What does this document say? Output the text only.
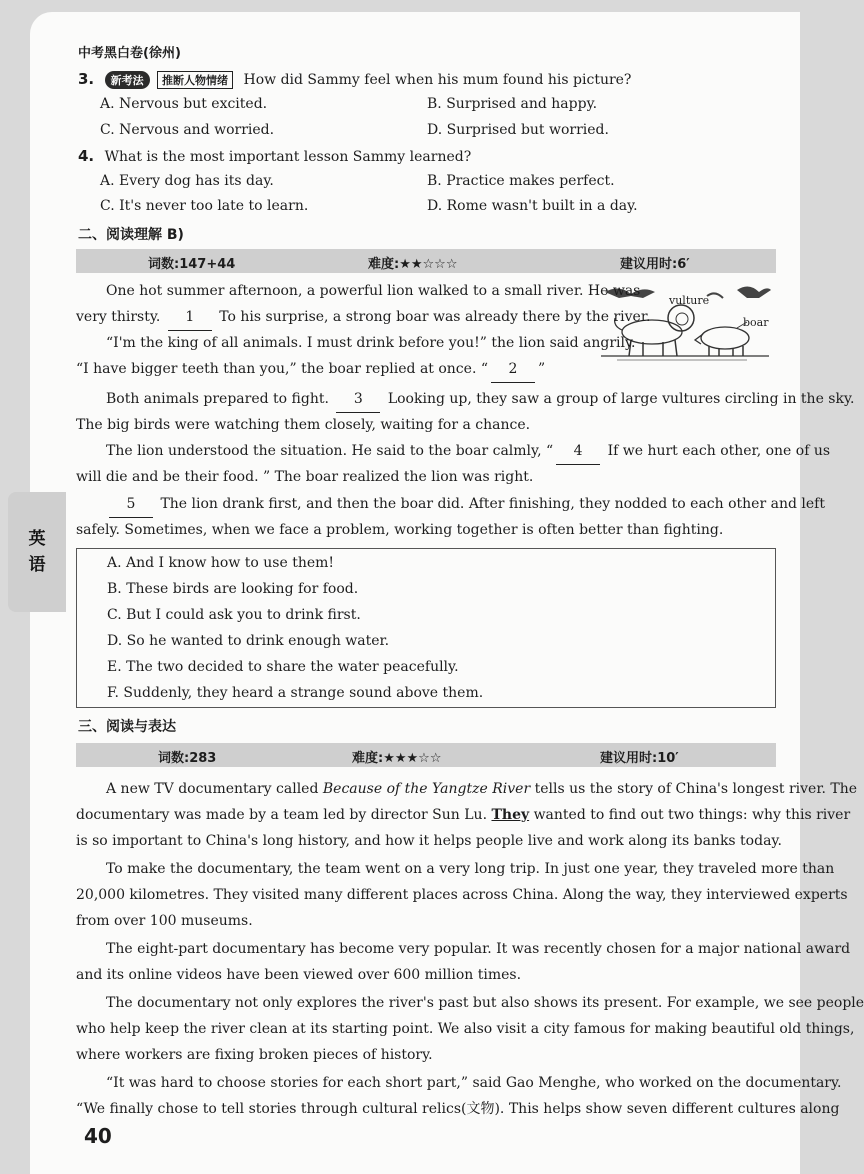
英
语
中考黑白卷(徐州)
3. 新考法 推断人物情绪 How did Sammy feel when his mum found his picture?
A. Nervous but excited.	B. Surprised and happy.
C. Nervous and worried.	D. Surprised but worried.
4. What is the most important lesson Sammy learned?
A. Every dog has its day.	B. Practice makes perfect.
C. It's never too late to learn.	D. Rome wasn't built in a day.
二、阅读理解 B)
词数:147+44	难度:★★☆☆☆	建议用时:6′
vulture
boar
One hot summer afternoon, a powerful lion walked to a small river. He was
very thirsty. 1 To his surprise, a strong boar was already there by the river.
“I'm the king of all animals. I must drink before you!” the lion said angrily.
“I have bigger teeth than you,” the boar replied at once. “ 2 ”
Both animals prepared to fight. 3 Looking up, they saw a group of large vultures circling in the sky.
The big birds were watching them closely, waiting for a chance.
The lion understood the situation. He said to the boar calmly, “ 4 If we hurt each other, one of us
will die and be their food. ” The boar realized the lion was right.
5 The lion drank first, and then the boar did. After finishing, they nodded to each other and left
safely. Sometimes, when we face a problem, working together is often better than fighting.
A. And I know how to use them!
B. These birds are looking for food.
C. But I could ask you to drink first.
D. So he wanted to drink enough water.
E. The two decided to share the water peacefully.
F. Suddenly, they heard a strange sound above them.
三、阅读与表达
词数:283	难度:★★★☆☆	建议用时:10′
A new TV documentary called Because of the Yangtze River tells us the story of China's longest river. The
documentary was made by a team led by director Sun Lu. They wanted to find out two things: why this river
is so important to China's long history, and how it helps people live and work along its banks today.
To make the documentary, the team went on a very long trip. In just one year, they traveled more than
20,000 kilometres. They visited many different places across China. Along the way, they interviewed experts
from over 100 museums.
The eight-part documentary has become very popular. It was recently chosen for a major national award
and its online videos have been viewed over 600 million times.
The documentary not only explores the river's past but also shows its present. For example, we see people
who help keep the river clean at its starting point. We also visit a city famous for making beautiful old things,
where workers are fixing broken pieces of history.
“It was hard to choose stories for each short part,” said Gao Menghe, who worked on the documentary.
“We finally chose to tell stories through cultural relics(文物). This helps show seven different cultures along
40
